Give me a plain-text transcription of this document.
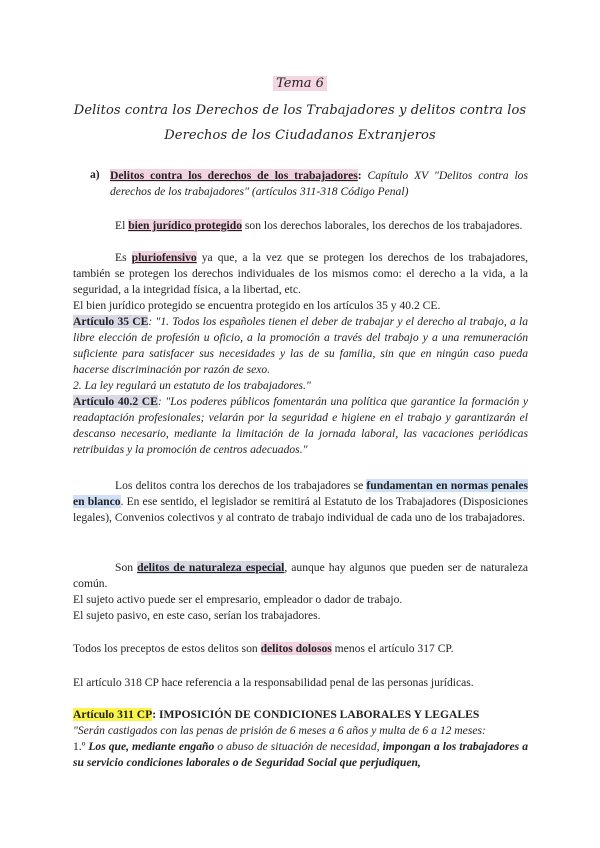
Tema 6
Delitos contra los Derechos de los Trabajadores y delitos contra los Derechos de los Ciudadanos Extranjeros
a) Delitos contra los derechos de los trabajadores: Capítulo XV "Delitos contra los derechos de los trabajadores" (artículos 311-318 Código Penal)

El bien jurídico protegido son los derechos laborales, los derechos de los trabajadores.

Es pluriofensivo ya que, a la vez que se protegen los derechos de los trabajadores, también se protegen los derechos individuales de los mismos como: el derecho a la vida, a la seguridad, a la integridad física, a la libertad, etc.

El bien jurídico protegido se encuentra protegido en los artículos 35 y 40.2 CE.

Artículo 35 CE: "1. Todos los españoles tienen el deber de trabajar y el derecho al trabajo, a la libre elección de profesión u oficio, a la promoción a través del trabajo y a una remuneración suficiente para satisfacer sus necesidades y las de su familia, sin que en ningún caso pueda hacerse discriminación por razón de sexo.
2. La ley regulará un estatuto de los trabajadores."

Artículo 40.2 CE: "Los poderes públicos fomentarán una política que garantice la formación y readaptación profesionales; velarán por la seguridad e higiene en el trabajo y garantizarán el descanso necesario, mediante la limitación de la jornada laboral, las vacaciones periódicas retribuidas y la promoción de centros adecuados."

Los delitos contra los derechos de los trabajadores se fundamentan en normas penales en blanco. En ese sentido, el legislador se remitirá al Estatuto de los Trabajadores (Disposiciones legales), Convenios colectivos y al contrato de trabajo individual de cada uno de los trabajadores.

Son delitos de naturaleza especial, aunque hay algunos que pueden ser de naturaleza común.

El sujeto activo puede ser el empresario, empleador o dador de trabajo.

El sujeto pasivo, en este caso, serían los trabajadores.

Todos los preceptos de estos delitos son delitos dolosos menos el artículo 317 CP.

El artículo 318 CP hace referencia a la responsabilidad penal de las personas jurídicas.

Artículo 311 CP: IMPOSICIÓN DE CONDICIONES LABORALES Y LEGALES
"Serán castigados con las penas de prisión de 6 meses a 6 años y multa de 6 a 12 meses:
1.º Los que, mediante engaño o abuso de situación de necesidad, impongan a los trabajadores a su servicio condiciones laborales o de Seguridad Social que perjudiquen,
